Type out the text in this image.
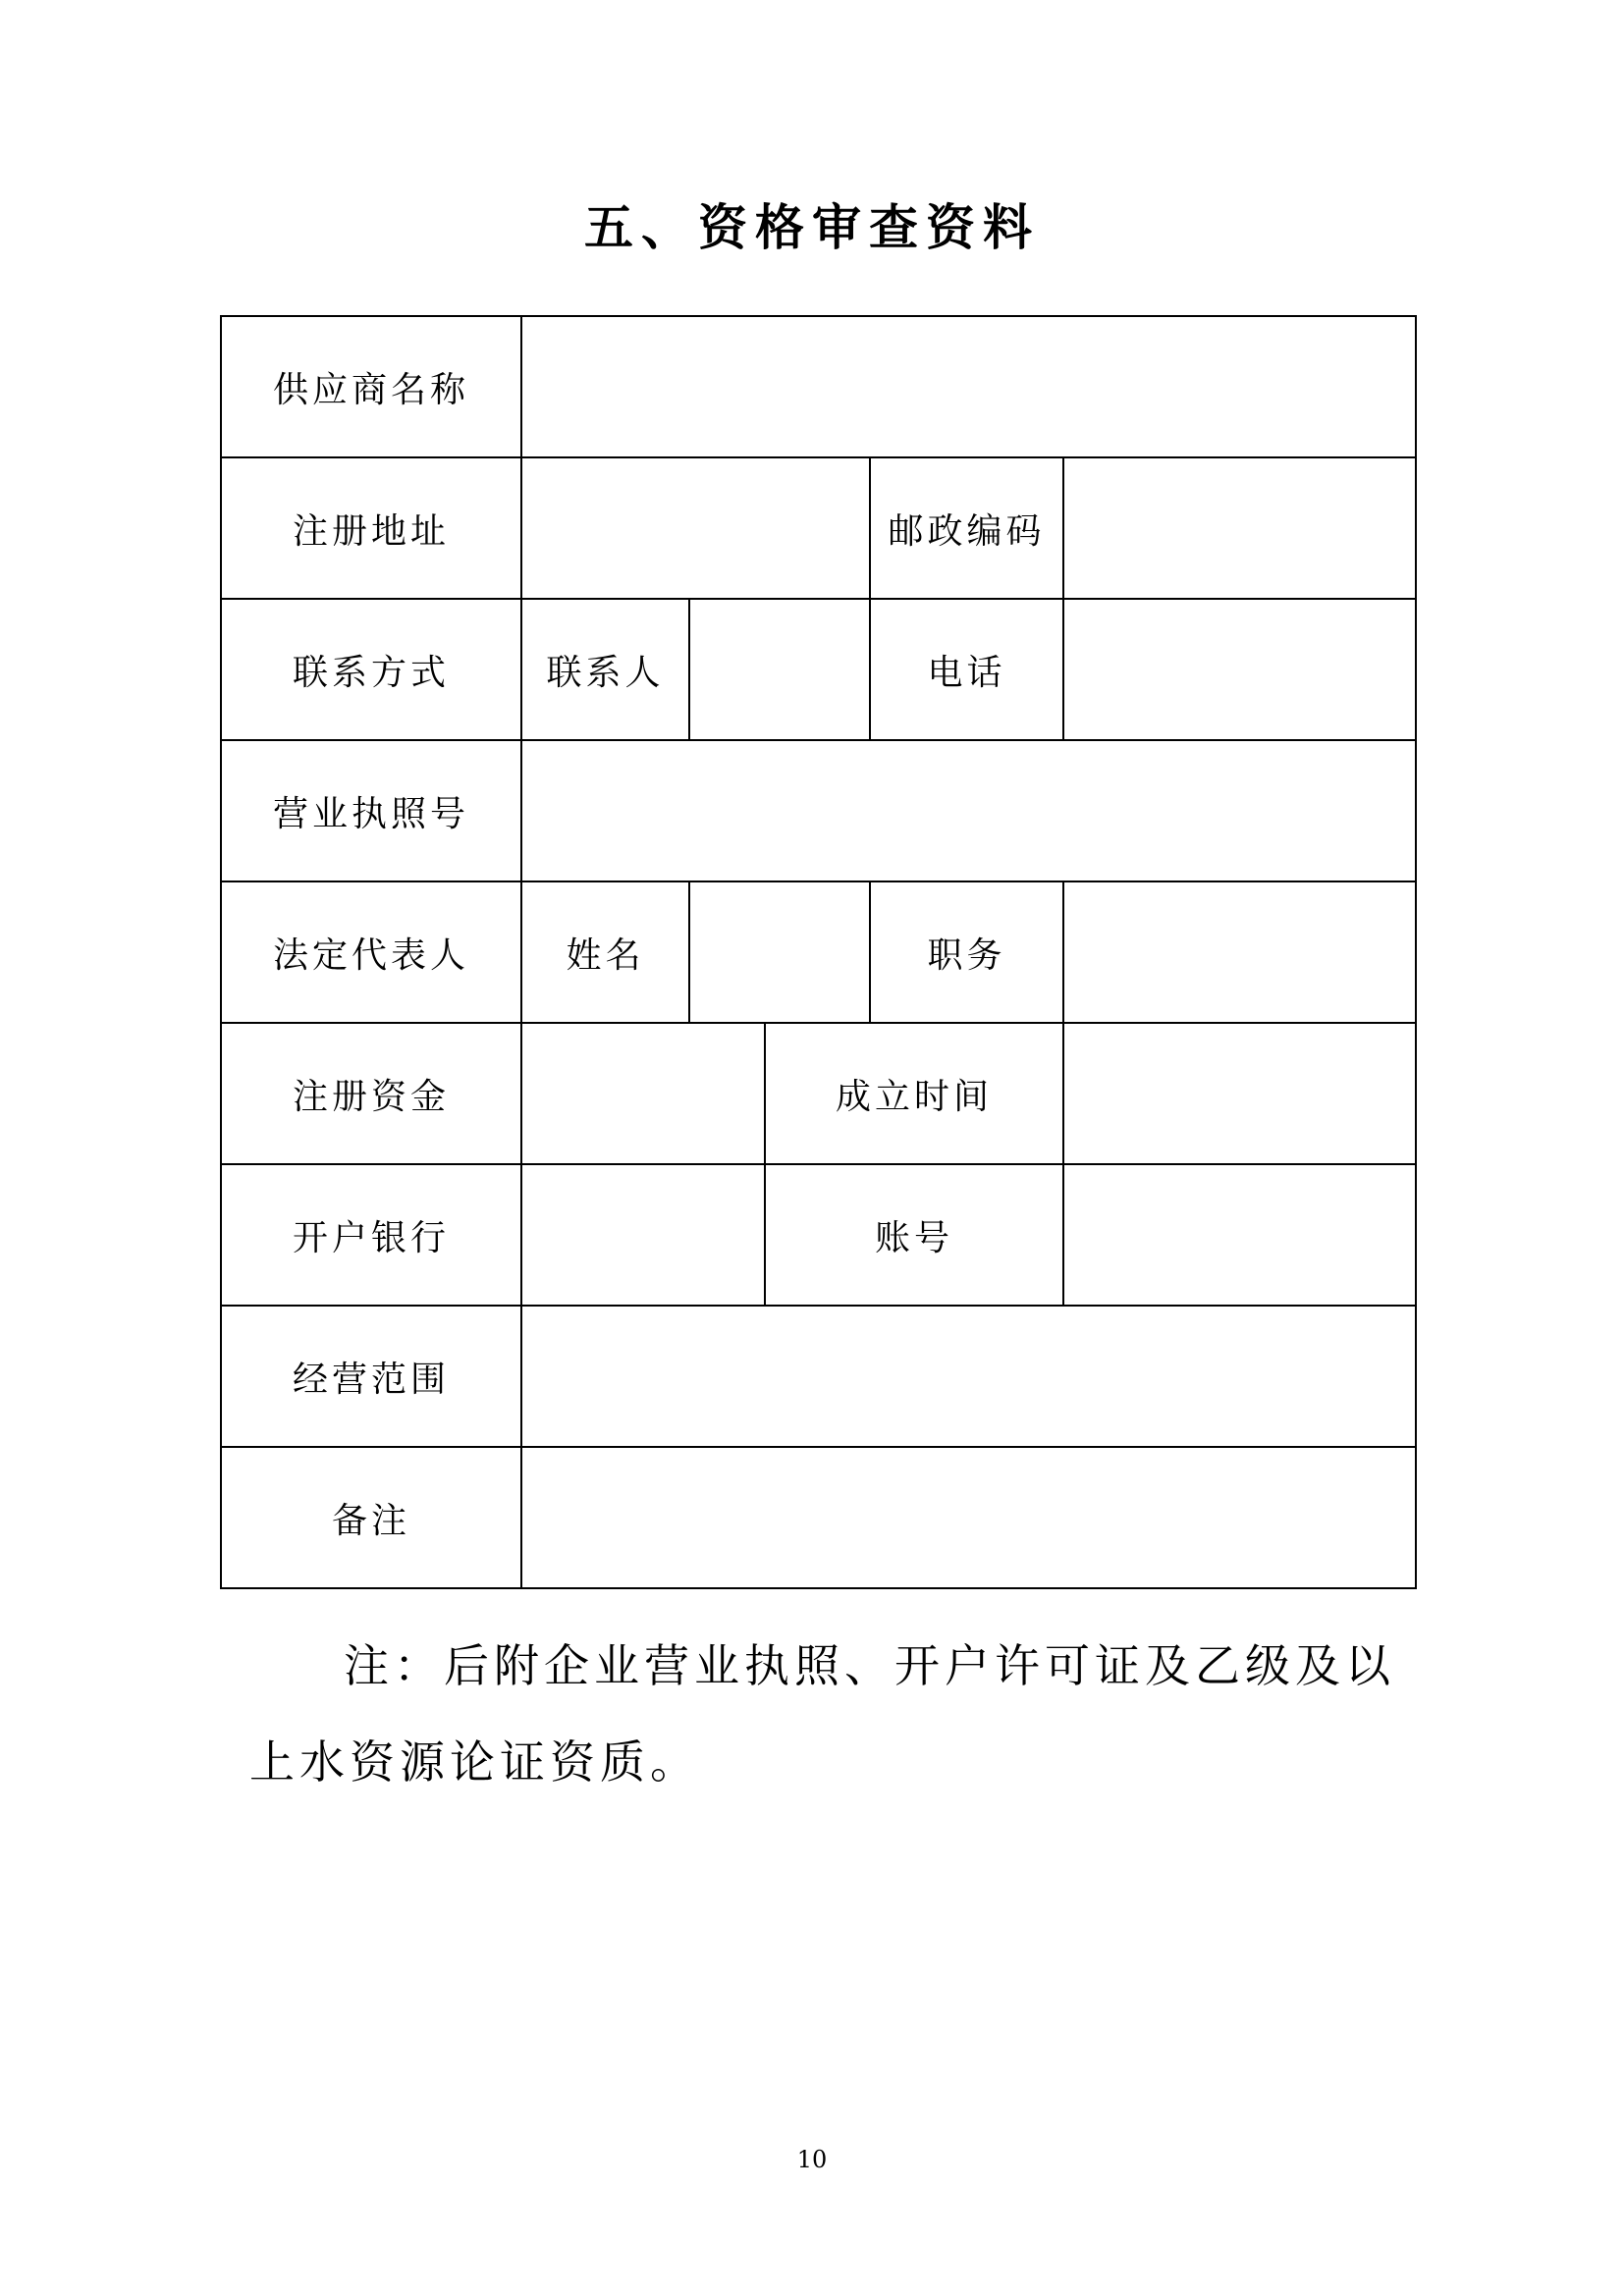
五、资格审查资料
供应商名称					
注册地址				邮政编码	
联系方式	联系人			电话	
营业执照号					
法定代表人	姓名			职务	
注册资金			成立时间		
开户银行			账号		
经营范围					
备注					
注：后附企业营业执照、开户许可证及乙级及以上水资源论证资质。
10
